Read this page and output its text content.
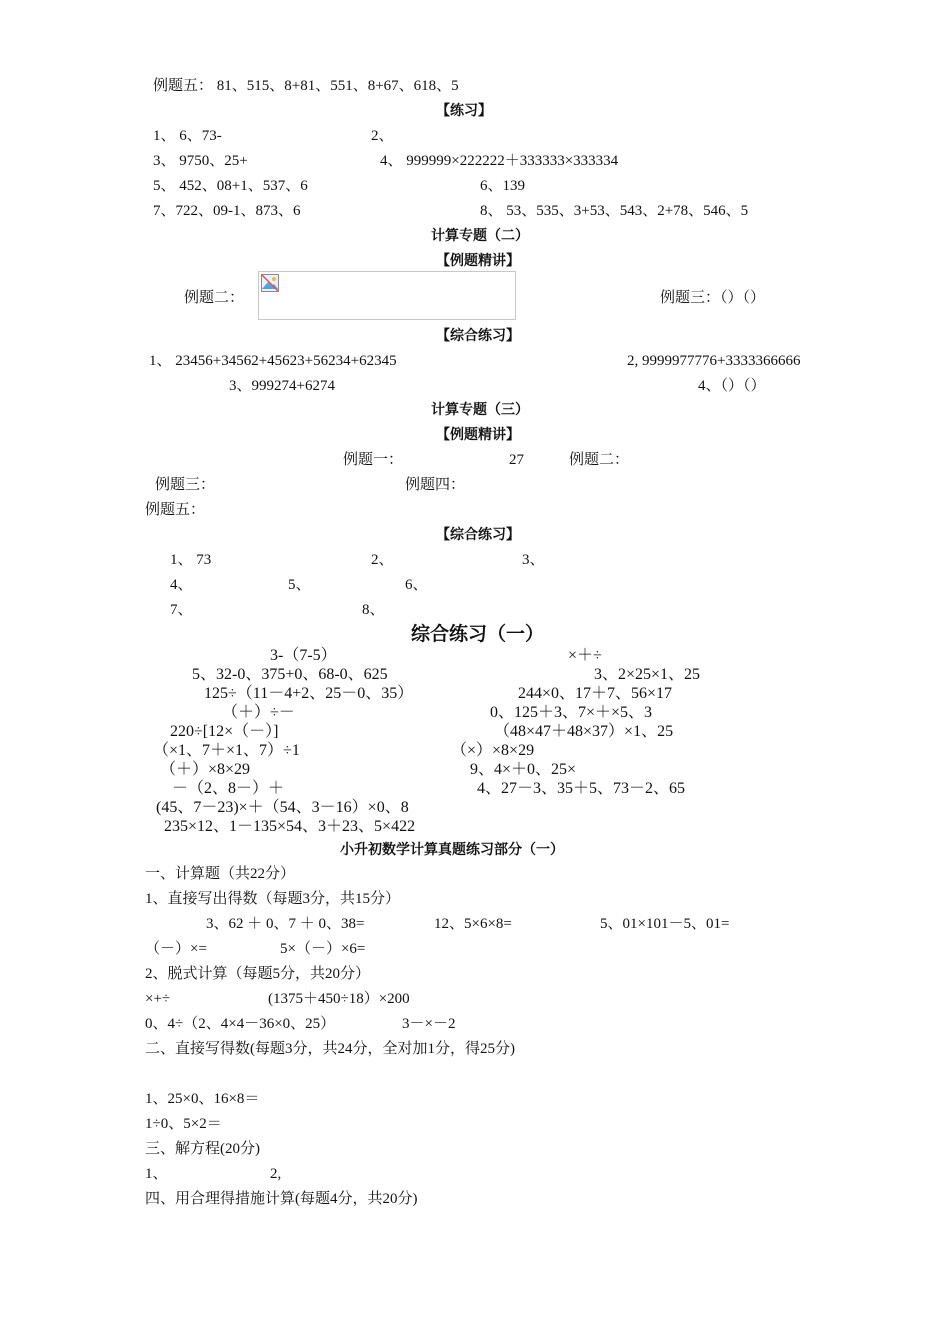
例题五： 81、515、8+81、551、8+67、618、5
【练习】
1、 6、73-	2、
3、 9750、25+	4、 999999×222222＋333333×333334
5、 452、08+1、537、6	6、139
7、722、09-1、873、6	8、 53、535、3+53、543、2+78、546、5
计算专题（二）
【例题精讲】
例题二：	例题三：（）（）
【综合练习】
1、 23456+34562+45623+56234+62345	2, 9999977776+3333366666
3、999274+6274	4、（）（）
计算专题（三）
【例题精讲】
例题一：	27	例题二：
例题三：	例题四：
例题五：
【综合练习】
1、 73	2、	3、
4、	5、	6、
7、	8、
综合练习（一）
3-（7-5）	×＋÷
5、32-0、375+0、68-0、625	3、2×25×1、25
125÷（11－4+2、25－0、35）	244×0、17＋7、56×17
（＋）÷－	0、125＋3、7×＋×5、3
220÷[12×（－）]	（48×47＋48×37）×1、25
（×1、7＋×1、7）÷1	（×）×8×29
（＋）×8×29	9、4×＋0、25×
－（2、8－）＋	4、27－3、35＋5、73－2、65
(45、7－23)×＋（54、3－16）×0、8
235×12、1－135×54、3＋23、5×422
小升初数学计算真题练习部分（一）
一、计算题（共22分）
1、直接写出得数（每题3分，共15分）
3、62 ＋ 0、7 ＋ 0、38=	12、5×6×8=	5、01×101－5、01=
（－）×=	5×（－）×6=
2、脱式计算（每题5分，共20分）
×+÷	(1375＋450÷18）×200
0、4÷（2、4×4－36×0、25）	3－×－2
二、直接写得数(每题3分，共24分，全对加1分，得25分)
1、25×0、16×8＝
1÷0、5×2＝
三、解方程(20分)
1、	2,
四、用合理得措施计算(每题4分，共20分)
